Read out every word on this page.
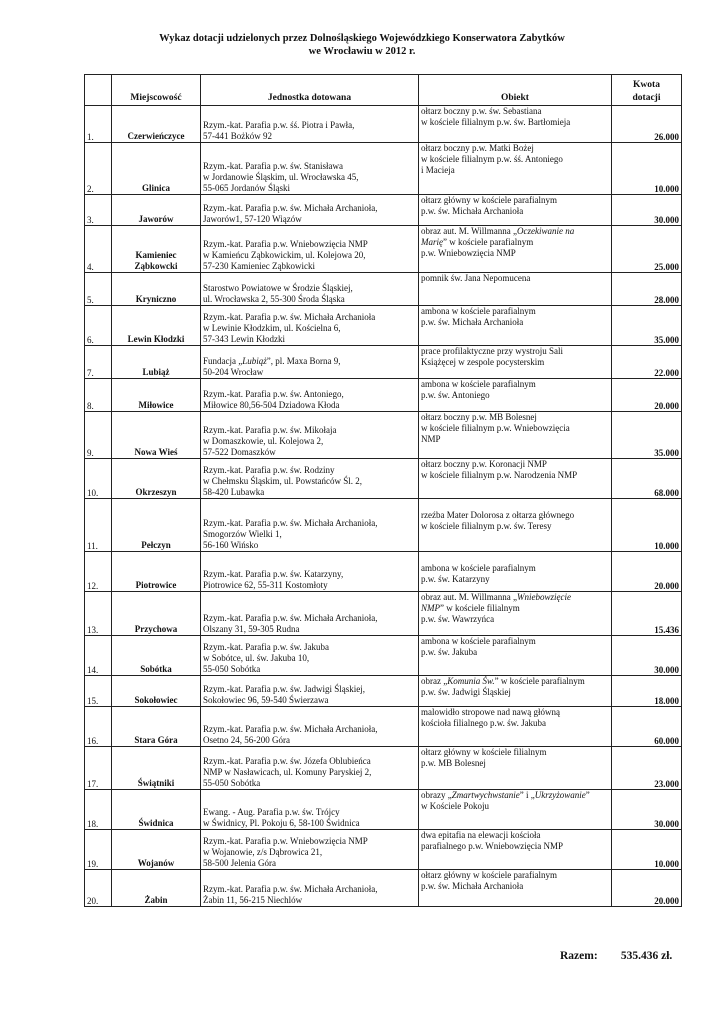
Wykaz dotacji udzielonych przez Dolnośląskiego Wojewódzkiego Konserwatora Zabytków
we Wrocławiu w 2012 r.

	Miejscowość	Jednostka dotowana	Obiekt	Kwota
dotacji

1.	Czerwieńczyce	Rzym.-kat. Parafia p.w. śś. Piotra i Pawła,
57-441 Bożków 92	ołtarz boczny p.w. św. Sebastiana
w kościele filialnym p.w. św. Bartłomieja	26.000
2.	Glinica	Rzym.-kat. Parafia p.w. św. Stanisława
w Jordanowie Śląskim, ul. Wrocławska 45,
55-065 Jordanów Śląski	ołtarz boczny p.w. Matki Bożej
w kościele filialnym p.w. śś. Antoniego
i Macieja	10.000
3.	Jaworów	Rzym.-kat. Parafia p.w. św. Michała Archanioła,
Jaworów1, 57-120 Wiązów	ołtarz główny w kościele parafialnym
p.w. św. Michała Archanioła	30.000
4.	Kamieniec Ząbkowcki	Rzym.-kat. Parafia p.w. Wniebowzięcia NMP
w Kamieńcu Ząbkowickim, ul. Kolejowa 20,
57-230 Kamieniec Ząbkowicki	obraz aut. M. Willmanna „Oczekiwanie na
Marię” w kościele parafialnym
p.w. Wniebowzięcia NMP	25.000
5.	Kryniczno	Starostwo Powiatowe w Środzie Śląskiej,
ul. Wrocławska 2, 55-300 Środa Śląska	pomnik św. Jana Nepomucena	28.000
6.	Lewin Kłodzki	Rzym.-kat. Parafia p.w. św. Michała Archanioła
w Lewinie Kłodzkim, ul. Kościelna 6,
57-343 Lewin Kłodzki	ambona w kościele parafialnym
p.w. św. Michała Archanioła	35.000
7.	Lubiąż	Fundacja „Lubiąż”, pl. Maxa Borna 9,
50-204 Wrocław	prace profilaktyczne przy wystroju Sali
Książęcej w zespole pocysterskim	22.000
8.	Miłowice	Rzym.-kat. Parafia p.w. św. Antoniego,
Miłowice 80,56-504 Dziadowa Kłoda	ambona w kościele parafialnym
p.w. św. Antoniego	20.000
9.	Nowa Wieś	Rzym.-kat. Parafia p.w. św. Mikołaja
w Domaszkowie, ul. Kolejowa 2,
57-522 Domaszków	ołtarz boczny p.w. MB Bolesnej
w kościele filialnym p.w. Wniebowzięcia
NMP	35.000
10.	Okrzeszyn	Rzym.-kat. Parafia p.w. św. Rodziny
w Chełmsku Śląskim, ul. Powstańców Śl. 2,
58-420 Lubawka	ołtarz boczny p.w. Koronacji NMP
w kościele filialnym p.w. Narodzenia NMP	68.000
11.	Pełczyn	Rzym.-kat. Parafia p.w. św. Michała Archanioła,
Smogorzów Wielki 1,
56-160 Wińsko	rzeźba Mater Dolorosa z ołtarza głównego
w kościele filialnym p.w. św. Teresy	10.000
12.	Piotrowice	Rzym.-kat. Parafia p.w. św. Katarzyny,
Piotrowice 62, 55-311 Kostomłoty	ambona w kościele parafialnym
p.w. św. Katarzyny	20.000
13.	Przychowa	Rzym.-kat. Parafia p.w. św. Michała Archanioła,
Olszany 31, 59-305 Rudna	obraz aut. M. Willmanna „Wniebowzięcie
NMP” w kościele filialnym
p.w. św. Wawrzyńca	15.436
14.	Sobótka	Rzym.-kat. Parafia p.w. św. Jakuba
w Sobótce, ul. św. Jakuba 10,
55-050 Sobótka	ambona w kościele parafialnym
p.w. św. Jakuba	30.000
15.	Sokołowiec	Rzym.-kat. Parafia p.w. św. Jadwigi Śląskiej,
Sokołowiec 96, 59-540 Świerzawa	obraz „Komunia Św.” w kościele parafialnym
p.w. św. Jadwigi Śląskiej	18.000
16.	Stara Góra	Rzym.-kat. Parafia p.w. św. Michała Archanioła,
Osetno 24, 56-200 Góra	malowidło stropowe nad nawą główną
kościoła filialnego p.w. św. Jakuba	60.000
17.	Świątniki	Rzym.-kat. Parafia p.w. św. Józefa Oblubieńca
NMP w Nasławicach, ul. Komuny Paryskiej 2,
55-050 Sobótka	ołtarz główny w kościele filialnym
p.w. MB Bolesnej	23.000
18.	Świdnica	Ewang. - Aug. Parafia p.w. św. Trójcy
w Świdnicy, Pl. Pokoju 6, 58-100 Świdnica	obrazy „Zmartwychwstanie” i „Ukrzyżowanie”
w Kościele Pokoju	30.000
19.	Wojanów	Rzym.-kat. Parafia p.w. Wniebowzięcia NMP
w Wojanowie, z/s Dąbrowica 21,
58-500 Jelenia Góra	dwa epitafia na elewacji kościoła
parafialnego p.w. Wniebowzięcia NMP	10.000
20.	Żabin	Rzym.-kat. Parafia p.w. św. Michała Archanioła,
Żabin 11, 56-215 Niechlów	ołtarz główny w kościele parafialnym
p.w. św. Michała Archanioła	20.000
Razem: 535.436 zł.
